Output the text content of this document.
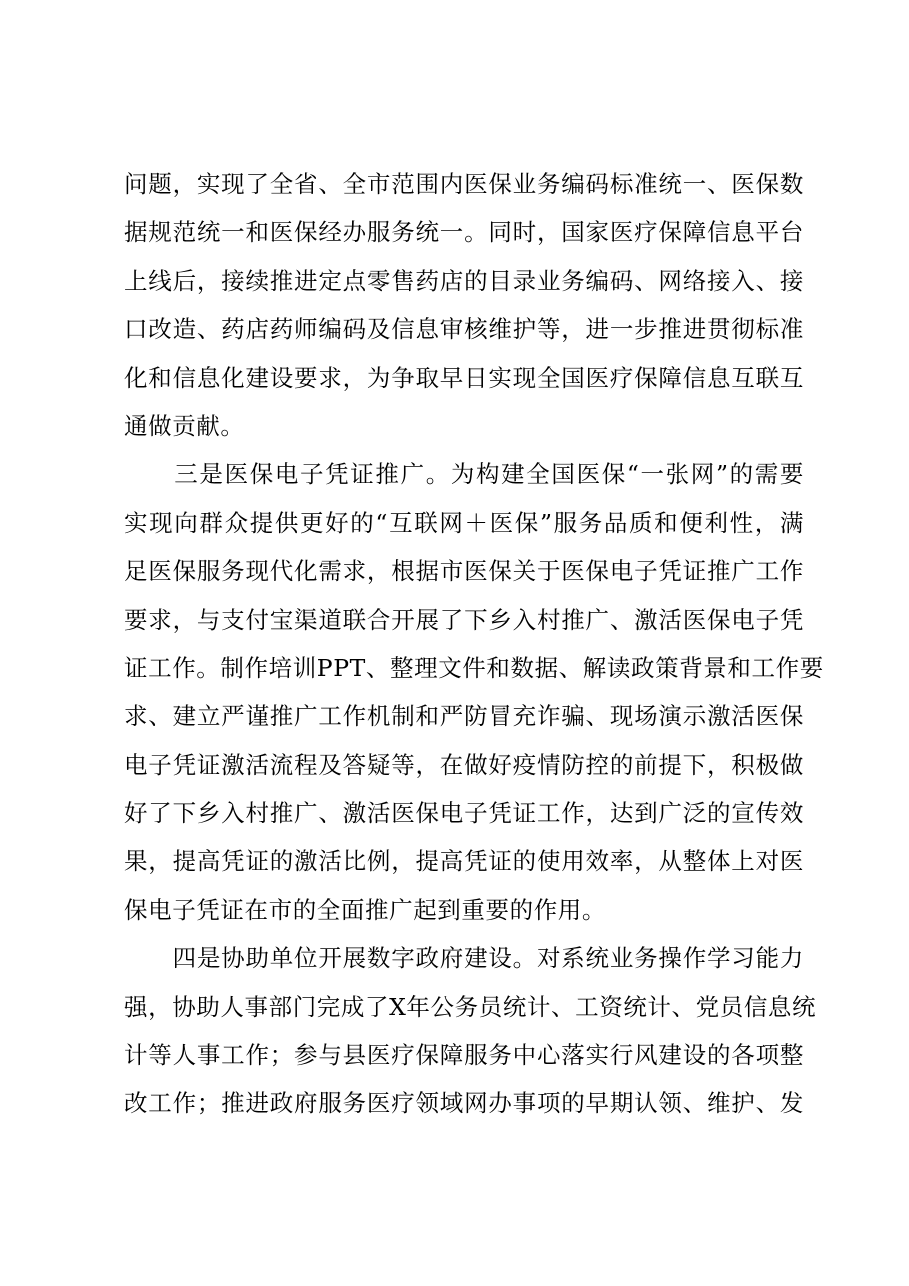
问题，实现了全省、全市范围内医保业务编码标准统一、医保数
据规范统一和医保经办服务统一。同时，国家医疗保障信息平台
上线后，接续推进定点零售药店的目录业务编码、网络接入、接
口改造、药店药师编码及信息审核维护等，进一步推进贯彻标准
化和信息化建设要求，为争取早日实现全国医疗保障信息互联互
通做贡献。
　　三是医保电子凭证推广。为构建全国医保“一张网”的需要
实现向群众提供更好的“互联网＋医保”服务品质和便利性，满
足医保服务现代化需求，根据市医保关于医保电子凭证推广工作
要求，与支付宝渠道联合开展了下乡入村推广、激活医保电子凭
证工作。制作培训PPT、整理文件和数据、解读政策背景和工作要
求、建立严谨推广工作机制和严防冒充诈骗、现场演示激活医保
电子凭证激活流程及答疑等，在做好疫情防控的前提下，积极做
好了下乡入村推广、激活医保电子凭证工作，达到广泛的宣传效
果，提高凭证的激活比例，提高凭证的使用效率，从整体上对医
保电子凭证在市的全面推广起到重要的作用。
　　四是协助单位开展数字政府建设。对系统业务操作学习能力
强，协助人事部门完成了X年公务员统计、工资统计、党员信息统
计等人事工作；参与县医疗保障服务中心落实行风建设的各项整
改工作；推进政府服务医疗领域网办事项的早期认领、维护、发
